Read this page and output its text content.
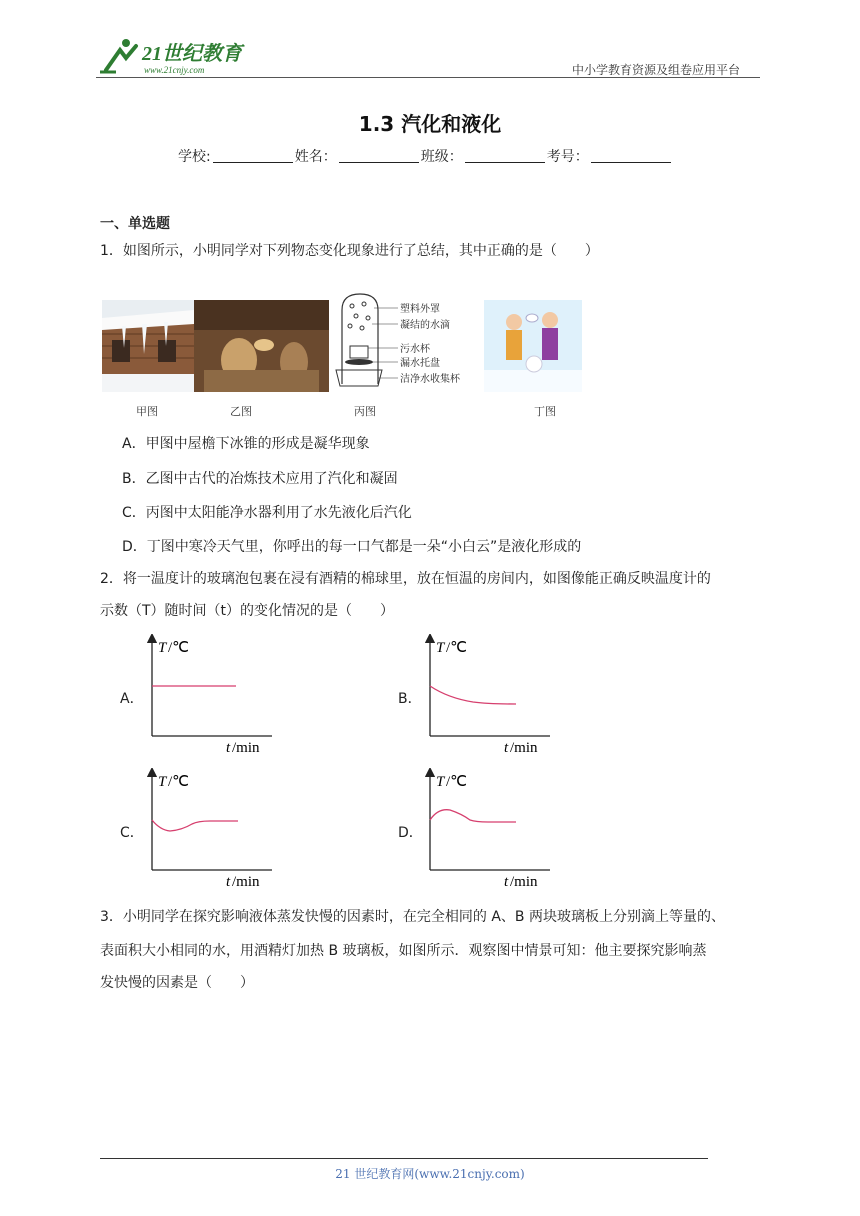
21世纪教育
www.21cnjy.com	中小学教育资源及组卷应用平台
1.3 汽化和液化
学校:	姓名：	班级：	考号：
一、单选题
1．如图所示，小明同学对下列物态变化现象进行了总结，其中正确的是（　　）
塑料外罩
凝结的水滴
污水杯
漏水托盘
洁净水收集杯
甲图	乙图	丙图	丁图
A．甲图中屋檐下冰锥的形成是凝华现象
B．乙图中古代的冶炼技术应用了汽化和凝固
C．丙图中太阳能净水器利用了水先液化后汽化
D．丁图中寒冷天气里，你呼出的每一口气都是一朵“小白云”是液化形成的
2．将一温度计的玻璃泡包裹在浸有酒精的棉球里，放在恒温的房间内，如图像能正确反映温度计的
示数（T）随时间（t）的变化情况的是（　　）
A．	B．
C．	D．
T /℃
t /min
T /℃
t /min
T /℃
t /min
T /℃
t /min
3．小明同学在探究影响液体蒸发快慢的因素时，在完全相同的 A、B 两块玻璃板上分别滴上等量的、
表面积大小相同的水，用酒精灯加热 B 玻璃板，如图所示．观察图中情景可知：他主要探究影响蒸
发快慢的因素是（　　）
21 世纪教育网(www.21cnjy.com)
